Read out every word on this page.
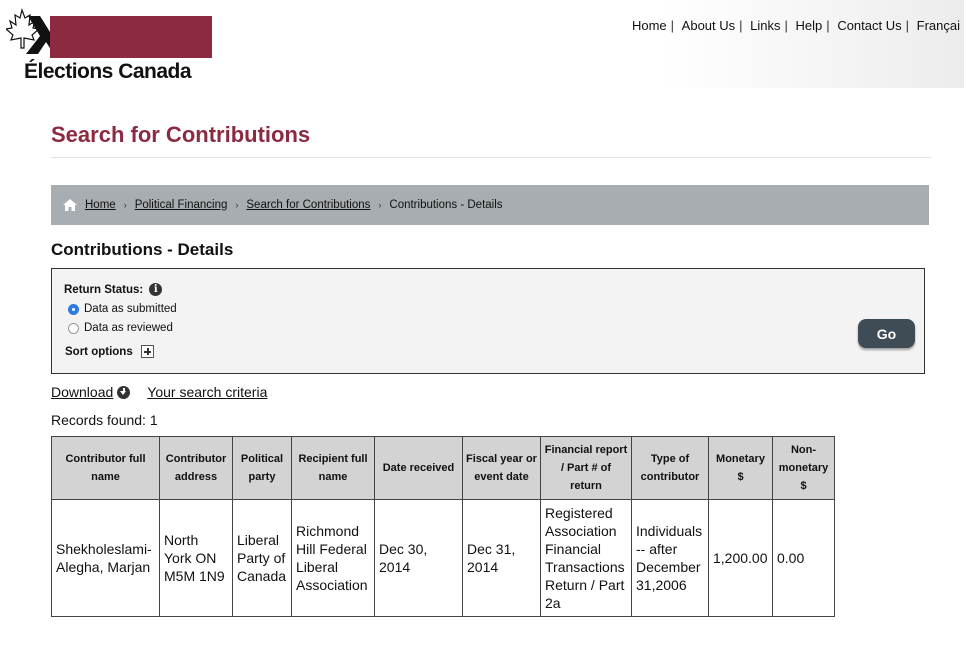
Élections Canada
Home | About Us | Links | Help | Contact Us | Françai
Search for Contributions
Home › Political Financing › Search for Contributions › Contributions - Details
Contributions - Details
Return Status:	i
Data as submitted
Data as reviewed
Sort options
Go
Download Your search criteria
Records found: 1
Contributor full name	Contributor address	Political party	Recipient full name	Date received	Fiscal year or event date	Financial report / Part # of return	Type of contributor	Monetary $	Non-monetary $
Shekholeslami-Alegha, Marjan	North York ON M5M 1N9	Liberal Party of Canada	Richmond Hill Federal Liberal Association	Dec 30, 2014	Dec 31, 2014	Registered Association Financial Transactions Return / Part 2a	Individuals -- after December 31,2006	1,200.00	0.00
